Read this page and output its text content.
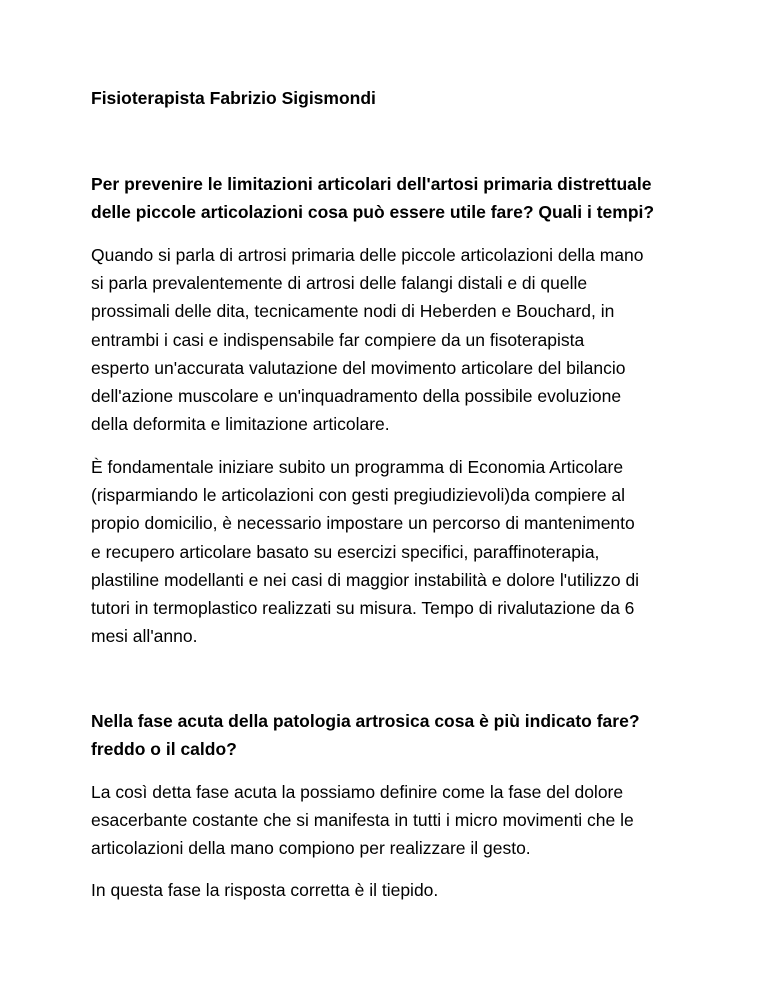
Fisioterapista Fabrizio Sigismondi

Per prevenire le limitazioni articolari dell'artosi primaria distrettuale
delle piccole articolazioni cosa può essere utile fare? Quali i tempi?

Quando si parla di artrosi primaria delle piccole articolazioni della mano
si parla prevalentemente di artrosi delle falangi distali e di quelle
prossimali delle dita, tecnicamente nodi di Heberden e Bouchard, in
entrambi i casi e indispensabile far compiere da un fisoterapista
esperto un'accurata valutazione del movimento articolare del bilancio
dell'azione muscolare e un'inquadramento della possibile evoluzione
della deformita e limitazione articolare.

È fondamentale iniziare subito un programma di Economia Articolare
(risparmiando le articolazioni con gesti pregiudizievoli)da compiere al
propio domicilio, è necessario impostare un percorso di mantenimento
e recupero articolare basato su esercizi specifici, paraffinoterapia,
plastiline modellanti e nei casi di maggior instabilità e dolore l'utilizzo di
tutori in termoplastico realizzati su misura. Tempo di rivalutazione da 6
mesi all'anno.

Nella fase acuta della patologia artrosica cosa è più indicato fare?
freddo o il caldo?

La così detta fase acuta la possiamo definire come la fase del dolore
esacerbante costante che si manifesta in tutti i micro movimenti che le
articolazioni della mano compiono per realizzare il gesto.

In questa fase la risposta corretta è il tiepido.
